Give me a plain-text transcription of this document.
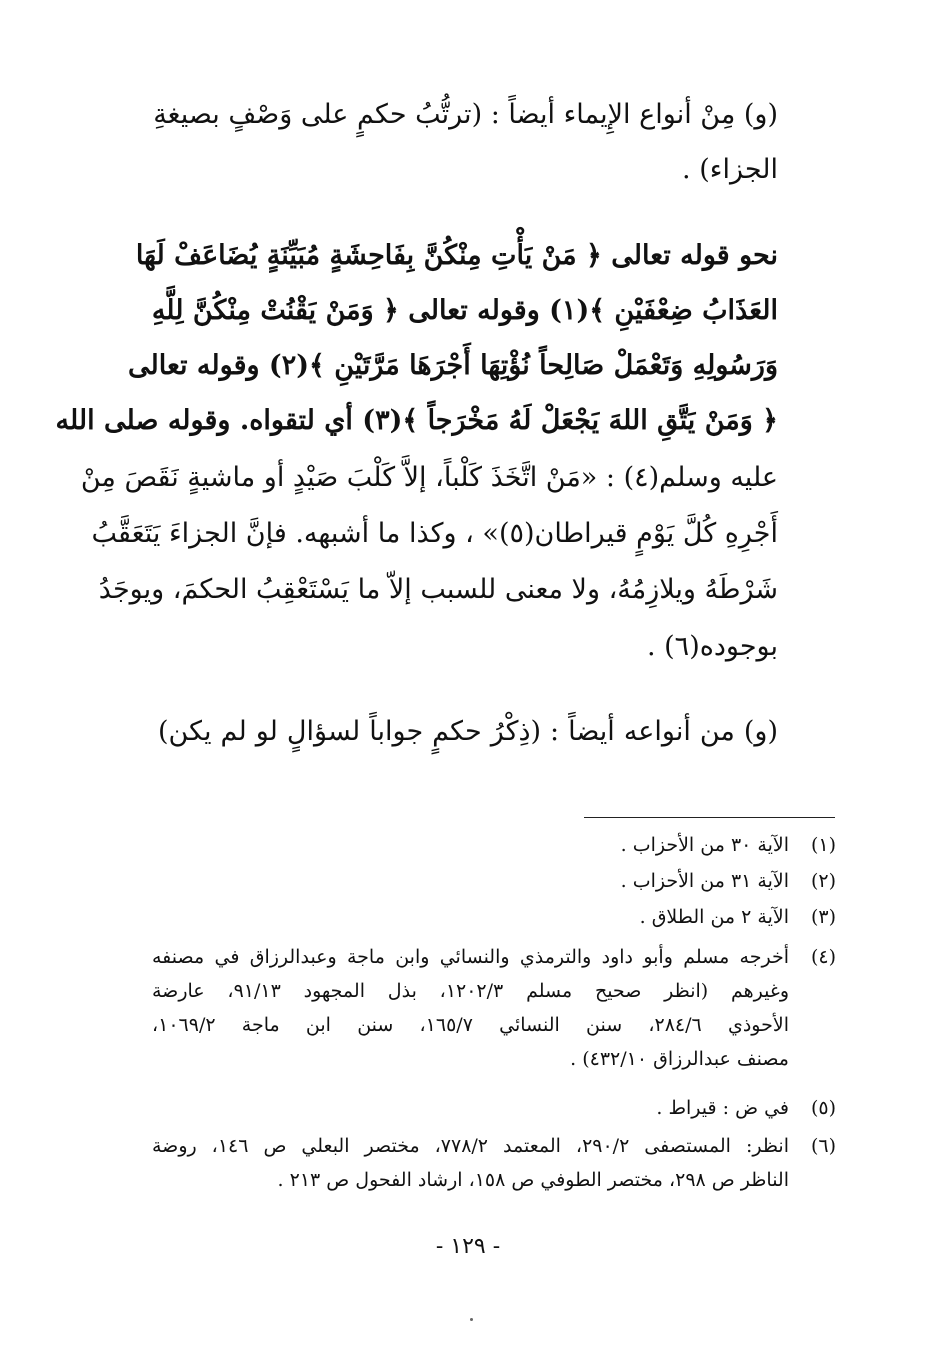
(و) مِنْ أنواع الإِيماء أيضاً : (ترتُّبُ حكمٍ على وَصْفٍ بصيغةِ
الجزاء) .
نحو قوله تعالى ﴿ مَنْ يَأْتِ مِنْكُنَّ بِفَاحِشَةٍ مُبَيِّنَةٍ يُضَاعَفْ لَهَا
العَذَابُ ضِعْفَيْنِ ﴾(١) وقوله تعالى ﴿ وَمَنْ يَقْنُتْ مِنْكُنَّ لِلَّهِ
وَرَسُولِهِ وَتَعْمَلْ صَالِحاً نُؤْتِهَا أَجْرَهَا مَرَّتَيْنِ ﴾(٢) وقوله تعالى
﴿ وَمَنْ يَتَّقِ اللهَ يَجْعَلْ لَهُ مَخْرَجاً ﴾(٣) أي لتقواه. وقوله صلى الله
عليه وسلم(٤) : «مَنْ اتَّخَذَ كَلْباً، إلاَّ كَلْبَ صَيْدٍ أو ماشيةٍ نَقَصَ مِنْ
أَجْرِهِ كُلَّ يَوْمٍ قيراطان(٥)» ، وكذا ما أشبهه. فإنَّ الجزاءَ يَتَعَقَّبُ
شَرْطَهُ ويلازِمُهُ، ولا معنى للسبب إلاّ ما يَسْتَعْقِبُ الحكمَ، ويوجَدُ
بوجوده(٦) .
(و) من أنواعه أيضاً : (ذِكْرُ حكمٍ جواباً لسؤالٍ لو لم يكن)
(١)
الآية ٣٠ من الأحزاب .
(٢)
الآية ٣١ من الأحزاب .
(٣)
الآية ٢ من الطلاق .
(٤)
أخرجه مسلم وأبو داود والترمذي والنسائي وابن ماجة وعبدالرزاق في مصنفه
وغيرهم (انظر صحيح مسلم ١٢٠٢/٣، بذل المجهود ٩١/١٣، عارضة
الأحوذي ٢٨٤/٦، سنن النسائي ١٦٥/٧، سنن ابن ماجة ١٠٦٩/٢،
مصنف عبدالرزاق ٤٣٢/١٠) .
(٥)
في ض : قيراط .
(٦)
انظر: المستصفى ٢٩٠/٢، المعتمد ٧٧٨/٢، مختصر البعلي ص ١٤٦، روضة
الناظر ص ٢٩٨، مختصر الطوفي ص ١٥٨، ارشاد الفحول ص ٢١٣ .
- ١٢٩ -
